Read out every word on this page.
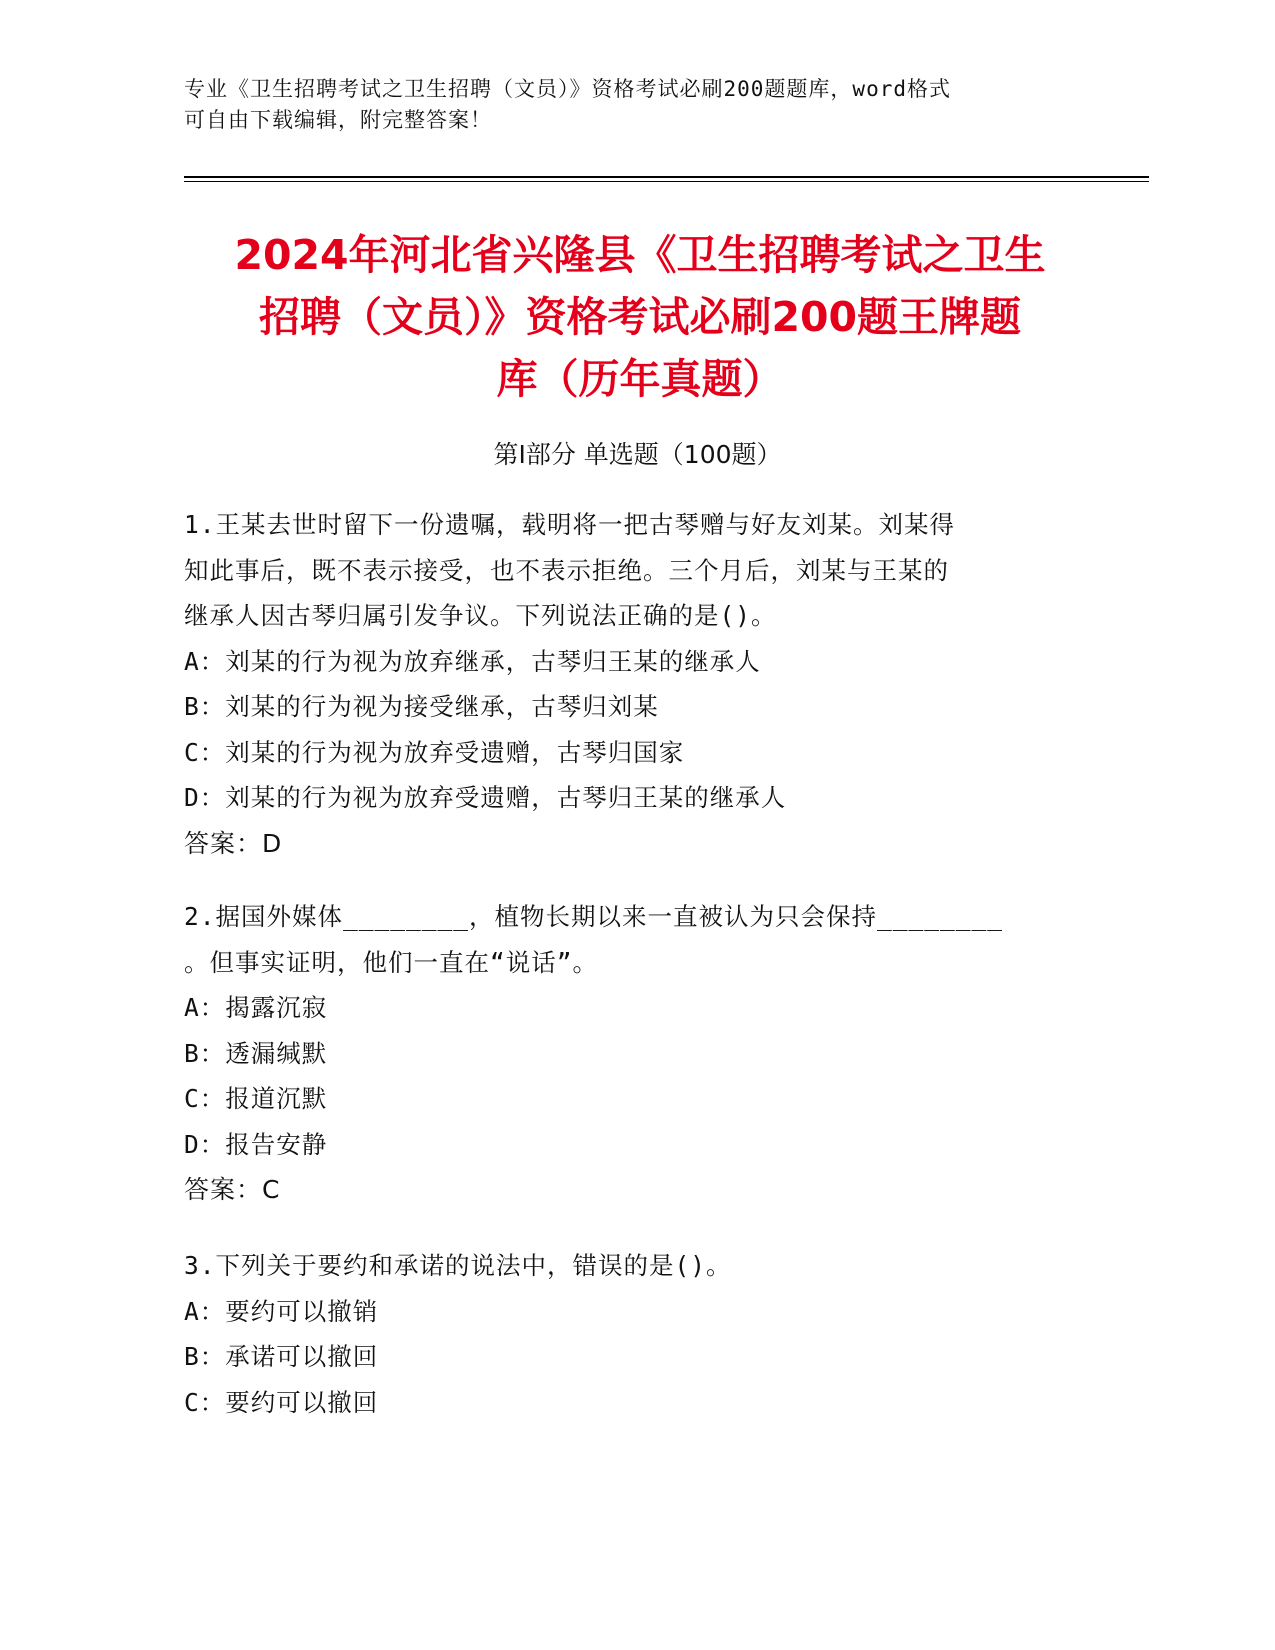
专业《卫生招聘考试之卫生招聘（文员）》资格考试必刷200题题库，word格式
可自由下载编辑，附完整答案！
2024年河北省兴隆县《卫生招聘考试之卫生
招聘（文员）》资格考试必刷200题王牌题
库（历年真题）
第Ⅰ部分 单选题（100题）
1.王某去世时留下一份遗嘱，载明将一把古琴赠与好友刘某。刘某得
知此事后，既不表示接受，也不表示拒绝。三个月后，刘某与王某的
继承人因古琴归属引发争议。下列说法正确的是()。
A：刘某的行为视为放弃继承，古琴归王某的继承人
B：刘某的行为视为接受继承，古琴归刘某
C：刘某的行为视为放弃受遗赠，古琴归国家
D：刘某的行为视为放弃受遗赠，古琴归王某的继承人
答案：D
2.据国外媒体________，植物长期以来一直被认为只会保持________
。但事实证明，他们一直在“说话”。
A：揭露沉寂
B：透漏缄默
C：报道沉默
D：报告安静
答案：C
3.下列关于要约和承诺的说法中，错误的是()。
A：要约可以撤销
B：承诺可以撤回
C：要约可以撤回
